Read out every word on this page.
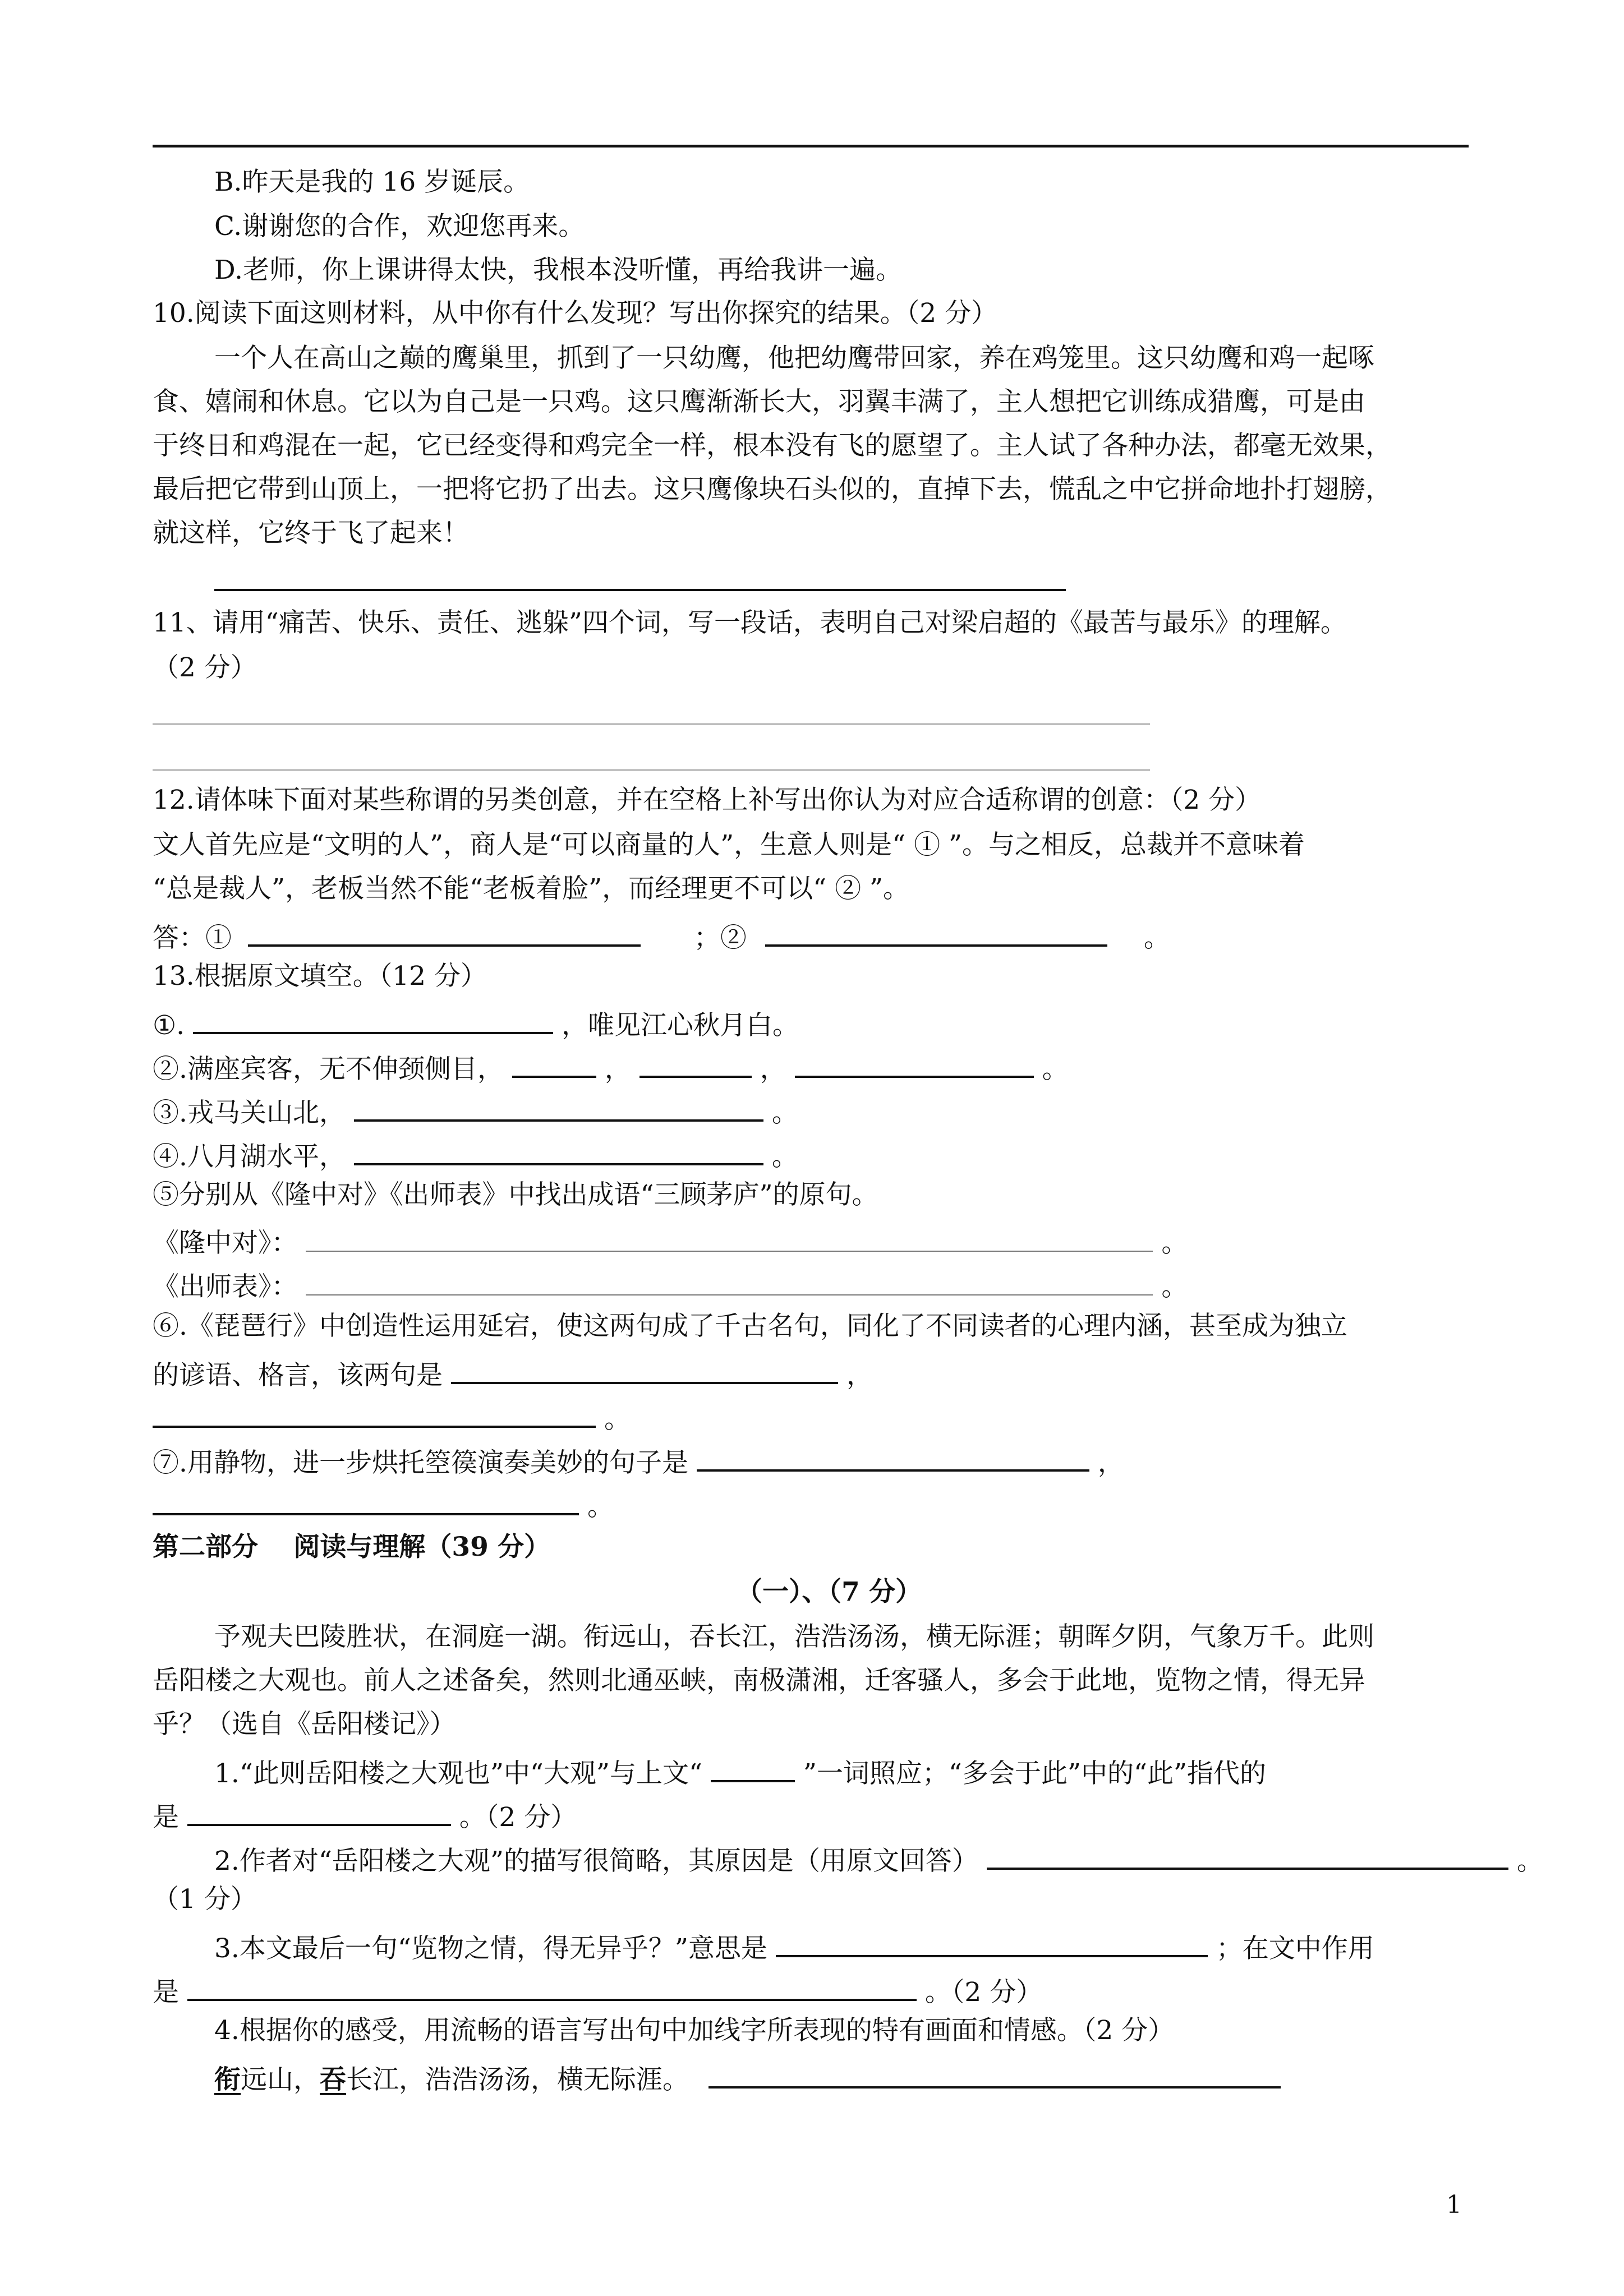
B.昨天是我的 16 岁诞辰。
C.谢谢您的合作，欢迎您再来。
D.老师，你上课讲得太快，我根本没听懂，再给我讲一遍。
10.阅读下面这则材料，从中你有什么发现？写出你探究的结果。（2 分）
一个人在高山之巅的鹰巢里，抓到了一只幼鹰，他把幼鹰带回家，养在鸡笼里。这只幼鹰和鸡一起啄
食、嬉闹和休息。它以为自己是一只鸡。这只鹰渐渐长大，羽翼丰满了，主人想把它训练成猎鹰，可是由
于终日和鸡混在一起，它已经变得和鸡完全一样，根本没有飞的愿望了。主人试了各种办法，都毫无效果，
最后把它带到山顶上，一把将它扔了出去。这只鹰像块石头似的，直掉下去，慌乱之中它拼命地扑打翅膀，
就这样，它终于飞了起来！
11、请用“痛苦、快乐、责任、逃躲”四个词，写一段话，表明自己对梁启超的《最苦与最乐》的理解。
（2 分）
12.请体味下面对某些称谓的另类创意，并在空格上补写出你认为对应合适称谓的创意：（2 分）
文人首先应是“文明的人”，商人是“可以商量的人”，生意人则是“ ① ”。与之相反，总裁并不意味着
“总是裁人”，老板当然不能“老板着脸”，而经理更不可以“ ② ”。
答：①	；②	。
13.根据原文填空。（12 分）
①.	，唯见江心秋月白。
②.满座宾客，无不伸颈侧目，	，	，	。
③.戎马关山北，	。
④.八月湖水平，	。
⑤分别从《隆中对》《出师表》中找出成语“三顾茅庐”的原句。
《隆中对》：	。
《出师表》：	。
⑥.《琵琶行》中创造性运用延宕，使这两句成了千古名句，同化了不同读者的心理内涵，甚至成为独立
的谚语、格言，该两句是	，
。
⑦.用静物，进一步烘托箜篌演奏美妙的句子是	，
。
第二部分　 阅读与理解（39 分）
（一）、（7 分）
予观夫巴陵胜状，在洞庭一湖。衔远山，吞长江，浩浩汤汤，横无际涯；朝晖夕阴，气象万千。此则
岳阳楼之大观也。前人之述备矣，然则北通巫峡，南极潇湘，迁客骚人，多会于此地，览物之情，得无异
乎？（选自《岳阳楼记》）
1.“此则岳阳楼之大观也”中“大观”与上文“	”一词照应；“多会于此”中的“此”指代的
是	。（2 分）
2.作者对“岳阳楼之大观”的描写很简略，其原因是（用原文回答）	。
（1 分）
3.本文最后一句“览物之情，得无异乎？”意思是	；在文中作用
是	。（2 分）
4.根据你的感受，用流畅的语言写出句中加线字所表现的特有画面和情感。（2 分）
衔远山，吞长江，浩浩汤汤，横无际涯。
1
